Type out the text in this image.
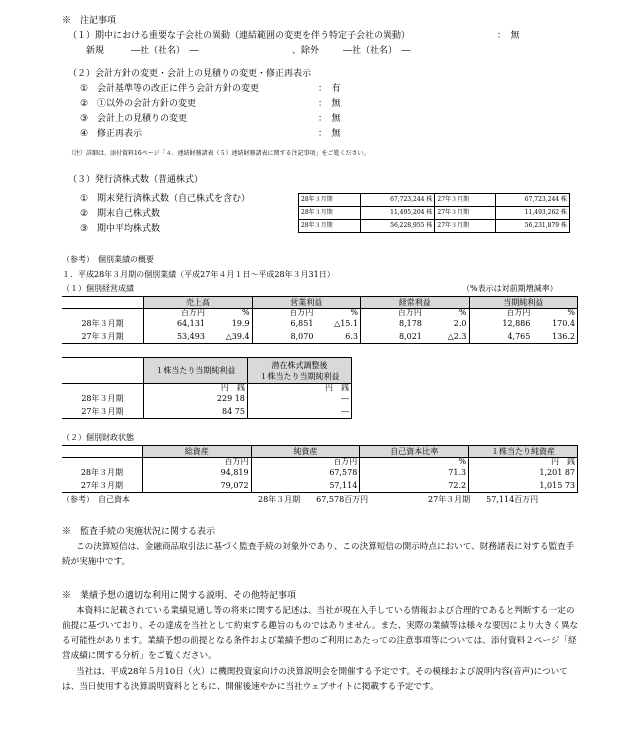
※　注記事項
（１）期中における重要な子会社の異動（連結範囲の変更を伴う特定子会社の異動）	：　無
新規	―社（社名）　―	、除外	―社（社名）　―
（２）会計方針の変更・会計上の見積りの変更・修正再表示
① 会計基準等の改正に伴う会計方針の変更	：　有
② ①以外の会計方針の変更	：　無
③ 会計上の見積りの変更	：　無
④ 修正再表示	：　無
（注）詳細は、添付資料16ページ「４．連結財務諸表（５）連結財務諸表に関する注記事項」をご覧ください。
（３）発行済株式数（普通株式）
① 期末発行済株式数（自己株式を含む）
② 期末自己株式数
③ 期中平均株式数
28年３月期	67,723,244 株	27年３月期	67,723,244 株
28年３月期	11,495,204 株	27年３月期	11,493,262 株
28年３月期	56,228,955 株	27年３月期	56,231,879 株
（参考）　個別業績の概要
１．平成28年３月期の個別業績（平成27年４月１日～平成28年３月31日）
（１）個別経営成績	（%表示は対前期増減率）
	売上高		営業利益		経常利益		当期純利益	
	百万円	%	百万円	%	百万円	%	百万円	%
28年３月期	64,131	19.9	6,851	△15.1	8,178	2.0	12,886	170.4
27年３月期	53,493	△39.4	8,070	6.3	8,021	△2.3	4,765	136.2
	１株当たり当期純利益	潜在株式調整後
１株当たり当期純利益
	円　銭	円　銭
28年３月期	229 18	―
27年３月期	84 75	―
（２）個別財政状態
	総資産	純資産	自己資本比率	１株当たり純資産
	百万円	百万円	%	円　銭
28年３月期	94,819	67,578	71.3	1,201 87
27年３月期	79,072	57,114	72.2	1,015 73
（参考）　自己資本	28年３月期　　67,578百万円	27年３月期　　57,114百万円
※　監査手続の実施状況に関する表示
この決算短信は、金融商品取引法に基づく監査手続の対象外であり、この決算短信の開示時点において、財務諸表に対する監査手続が実施中です。
※　業績予想の適切な利用に関する説明、その他特記事項
本資料に記載されている業績見通し等の将来に関する記述は、当社が現在入手している情報および合理的であると判断する一定の前提に基づいており、その達成を当社として約束する趣旨のものではありません。また、実際の業績等は様々な要因により大きく異なる可能性があります。業績予想の前提となる条件および業績予想のご利用にあたっての注意事項等については、添付資料２ページ「経営成績に関する分析」をご覧ください。
当社は、平成28年５月10日（火）に機関投資家向けの決算説明会を開催する予定です。その模様および説明内容(音声)については、当日使用する決算説明資料とともに、開催後速やかに当社ウェブサイトに掲載する予定です。
